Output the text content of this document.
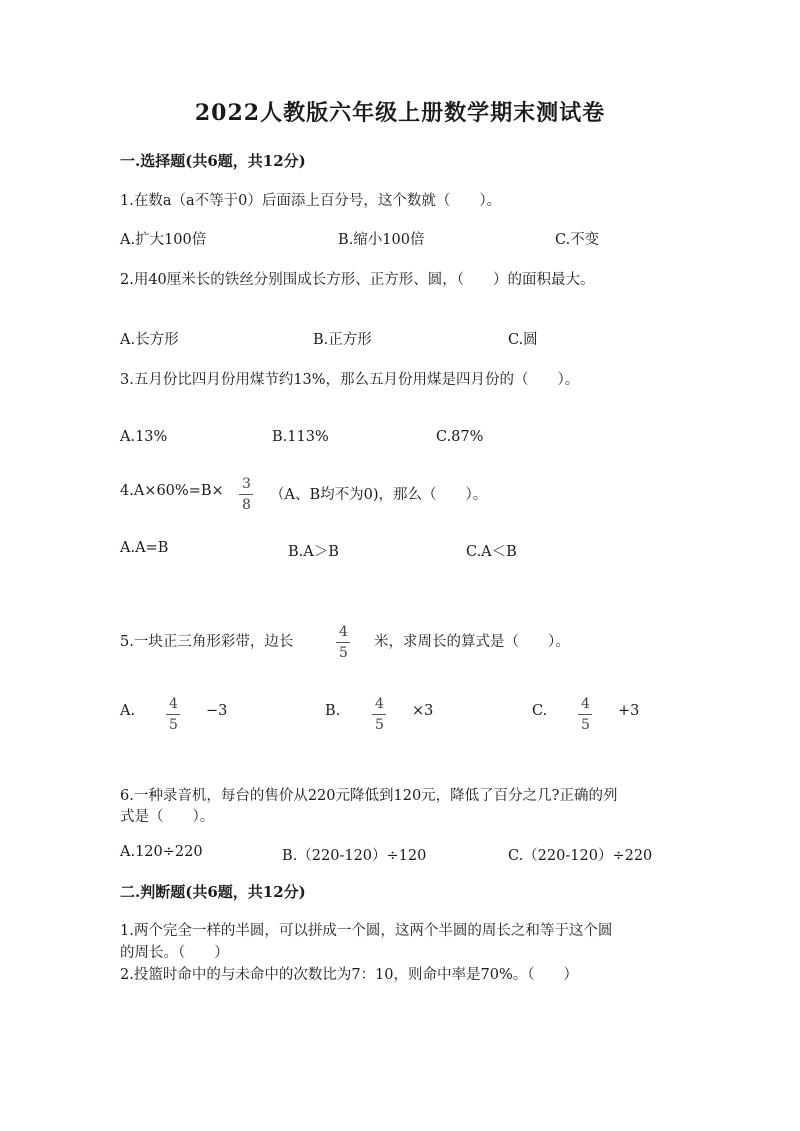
2022人教版六年级上册数学期末测试卷
一.选择题(共6题，共12分)
1.在数a（a不等于0）后面添上百分号，这个数就（　　）。
A.扩大100倍	B.缩小100倍	C.不变
2.用40厘米长的铁丝分别围成长方形、正方形、圆，（　　）的面积最大。
A.长方形	B.正方形	C.圆
3.五月份比四月份用煤节约13%，那么五月份用煤是四月份的（　　）。
A.13%	B.113%	C.87%
4.A×60%=B× 3
8
（A、B均不为0)，那么（　　）。
A.A=B	B.A＞B	C.A＜B
5.一块正三角形彩带，边长
4
5
米，求周长的算式是（　　）。
A. 4
5
−3	B. 4
5
×3	C. 4
5
+3
6.一种录音机，每台的售价从220元降低到120元，降低了百分之几?正确的列
式是（　　）。
A.120÷220	B.（220-120）÷120	C.（220-120）÷220
二.判断题(共6题，共12分)
1.两个完全一样的半圆，可以拼成一个圆，这两个半圆的周长之和等于这个圆
的周长。（　　）
2.投篮时命中的与未命中的次数比为7：10，则命中率是70%。（　　）
